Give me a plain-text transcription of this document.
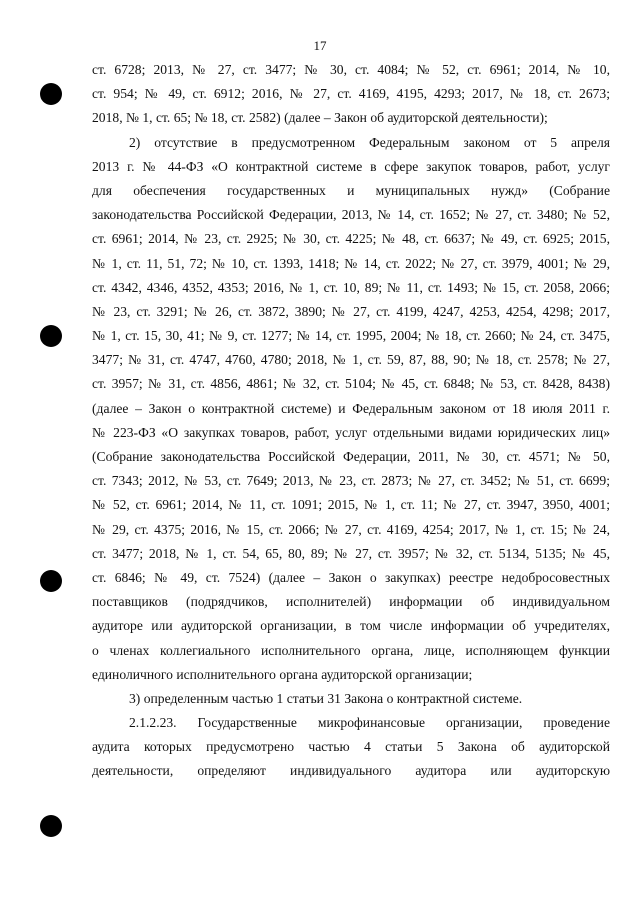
17
ст. 6728; 2013, № 27, ст. 3477; № 30, ст. 4084; № 52, ст. 6961; 2014, № 10,
ст. 954; № 49, ст. 6912; 2016, № 27, ст. 4169, 4195, 4293; 2017, № 18, ст. 2673;
2018, № 1, ст. 65; № 18, ст. 2582) (далее – Закон об аудиторской деятельности);
2) отсутствие в предусмотренном Федеральным законом от 5 апреля
2013 г. № 44-ФЗ «О контрактной системе в сфере закупок товаров, работ, услуг
для обеспечения государственных и муниципальных нужд» (Собрание
законодательства Российской Федерации, 2013, № 14, ст. 1652; № 27, ст. 3480; № 52,
ст. 6961; 2014, № 23, ст. 2925; № 30, ст. 4225; № 48, ст. 6637; № 49, ст. 6925; 2015,
№ 1, ст. 11, 51, 72; № 10, ст. 1393, 1418; № 14, ст. 2022; № 27, ст. 3979, 4001; № 29,
ст. 4342, 4346, 4352, 4353; 2016, № 1, ст. 10, 89; № 11, ст. 1493; № 15, ст. 2058, 2066;
№ 23, ст. 3291; № 26, ст. 3872, 3890; № 27, ст. 4199, 4247, 4253, 4254, 4298; 2017,
№ 1, ст. 15, 30, 41; № 9, ст. 1277; № 14, ст. 1995, 2004; № 18, ст. 2660; № 24, ст. 3475,
3477; № 31, ст. 4747, 4760, 4780; 2018, № 1, ст. 59, 87, 88, 90; № 18, ст. 2578; № 27,
ст. 3957; № 31, ст. 4856, 4861; № 32, ст. 5104; № 45, ст. 6848; № 53, ст. 8428, 8438)
(далее – Закон о контрактной системе) и Федеральным законом от 18 июля 2011 г.
№ 223-ФЗ «О закупках товаров, работ, услуг отдельными видами юридических лиц»
(Собрание законодательства Российской Федерации, 2011, № 30, ст. 4571; № 50,
ст. 7343; 2012, № 53, ст. 7649; 2013, № 23, ст. 2873; № 27, ст. 3452; № 51, ст. 6699;
№ 52, ст. 6961; 2014, № 11, ст. 1091; 2015, № 1, ст. 11; № 27, ст. 3947, 3950, 4001;
№ 29, ст. 4375; 2016, № 15, ст. 2066; № 27, ст. 4169, 4254; 2017, № 1, ст. 15; № 24,
ст. 3477; 2018, № 1, ст. 54, 65, 80, 89; № 27, ст. 3957; № 32, ст. 5134, 5135; № 45,
ст. 6846; № 49, ст. 7524) (далее – Закон о закупках) реестре недобросовестных
поставщиков (подрядчиков, исполнителей) информации об индивидуальном
аудиторе или аудиторской организации, в том числе информации об учредителях,
о членах коллегиального исполнительного органа, лице, исполняющем функции
единоличного исполнительного органа аудиторской организации;
3) определенным частью 1 статьи 31 Закона о контрактной системе.
2.1.2.23. Государственные микрофинансовые организации, проведение
аудита которых предусмотрено частью 4 статьи 5 Закона об аудиторской
деятельности, определяют индивидуального аудитора или аудиторскую
